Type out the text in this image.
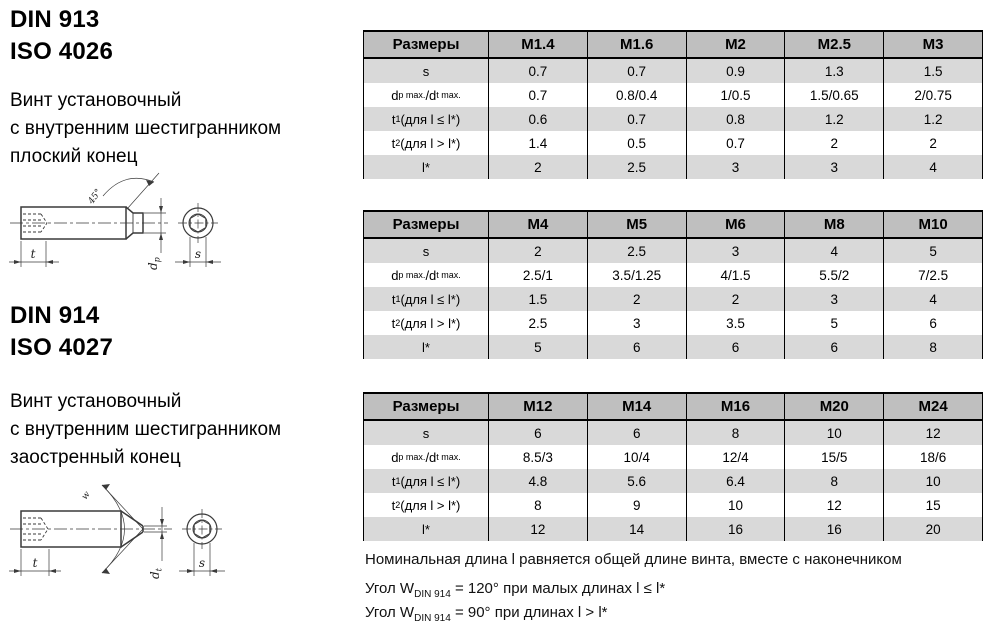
DIN 913
ISO 4026
Винт установочный
с внутренним шестигранником
плоский конец
45°
t
$d_p$	s
DIN 914
ISO 4027
Винт установочный
с внутренним шестигранником
заостренный конец
w
t
$d_t$	s
Размеры	M1.4	M1.6	M2	M2.5	M3
s	0.7	0.7	0.9	1.3	1.5
d p max. /d t max.	0.7	0.8/0.4	1/0.5	1.5/0.65	2/0.75
t 1 (для l ≤ l*)	0.6	0.7	0.8	1.2	1.2
t 2 (для l > l*)	1.4	0.5	0.7	2	2
l*	2	2.5	3	3	4
Размеры	M4	M5	M6	M8	M10
s	2	2.5	3	4	5
d p max. /d t max.	2.5/1	3.5/1.25	4/1.5	5.5/2	7/2.5
t 1 (для l ≤ l*)	1.5	2	2	3	4
t 2 (для l > l*)	2.5	3	3.5	5	6
l*	5	6	6	6	8
Размеры	M12	M14	M16	M20	M24
s	6	6	8	10	12
d p max. /d t max.	8.5/3	10/4	12/4	15/5	18/6
t 1 (для l ≤ l*)	4.8	5.6	6.4	8	10
t 2 (для l > l*)	8	9	10	12	15
l*	12	14	16	16	20
Номинальная длина l равняется общей длине винта, вместе с наконечником
Угол $W_{DIN 914} = 120^\circ$ при малых длинах l ≤ l*
Угол $W_{DIN 914} = 90^\circ$ при длинах l > l*
